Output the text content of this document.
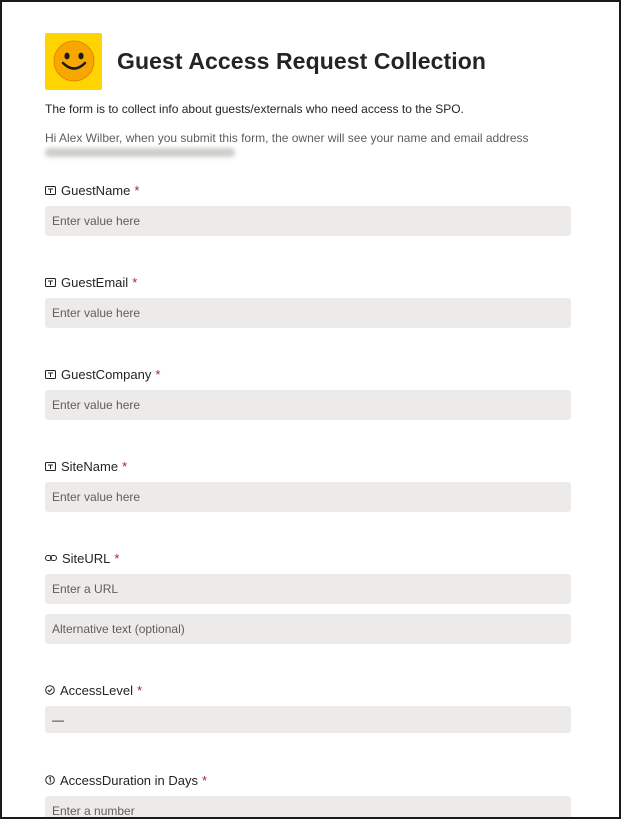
Guest Access Request Collection
The form is to collect info about guests/externals who need access to the SPO.
Hi Alex Wilber, when you submit this form, the owner will see your name and email address
GuestName *
Enter value here
GuestEmail *
Enter value here
GuestCompany *
Enter value here
SiteName *
Enter value here
SiteURL *
Enter a URL
Alternative text (optional)
AccessLevel *
—
AccessDuration in Days *
Enter a number
